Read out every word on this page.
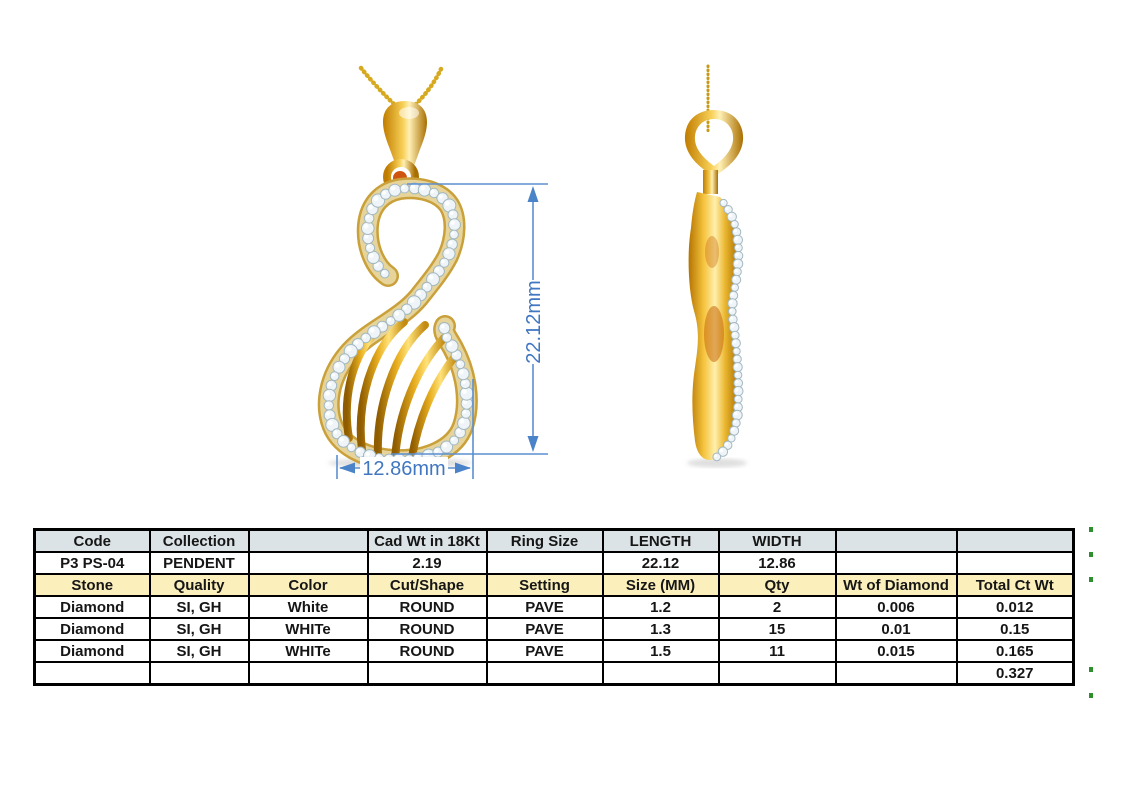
22.12mm
12.86mm
Code	Collection		Cad Wt in 18Kt	Ring Size	LENGTH	WIDTH		
P3 PS-04	PENDENT		2.19		22.12	12.86		
Stone	Quality	Color	Cut/Shape	Setting	Size (MM)	Qty	Wt of Diamond	Total Ct Wt
Diamond	SI, GH	White	ROUND	PAVE	1.2	2	0.006	0.012
Diamond	SI, GH	WHITe	ROUND	PAVE	1.3	15	0.01	0.15
Diamond	SI, GH	WHITe	ROUND	PAVE	1.5	11	0.015	0.165
								0.327
